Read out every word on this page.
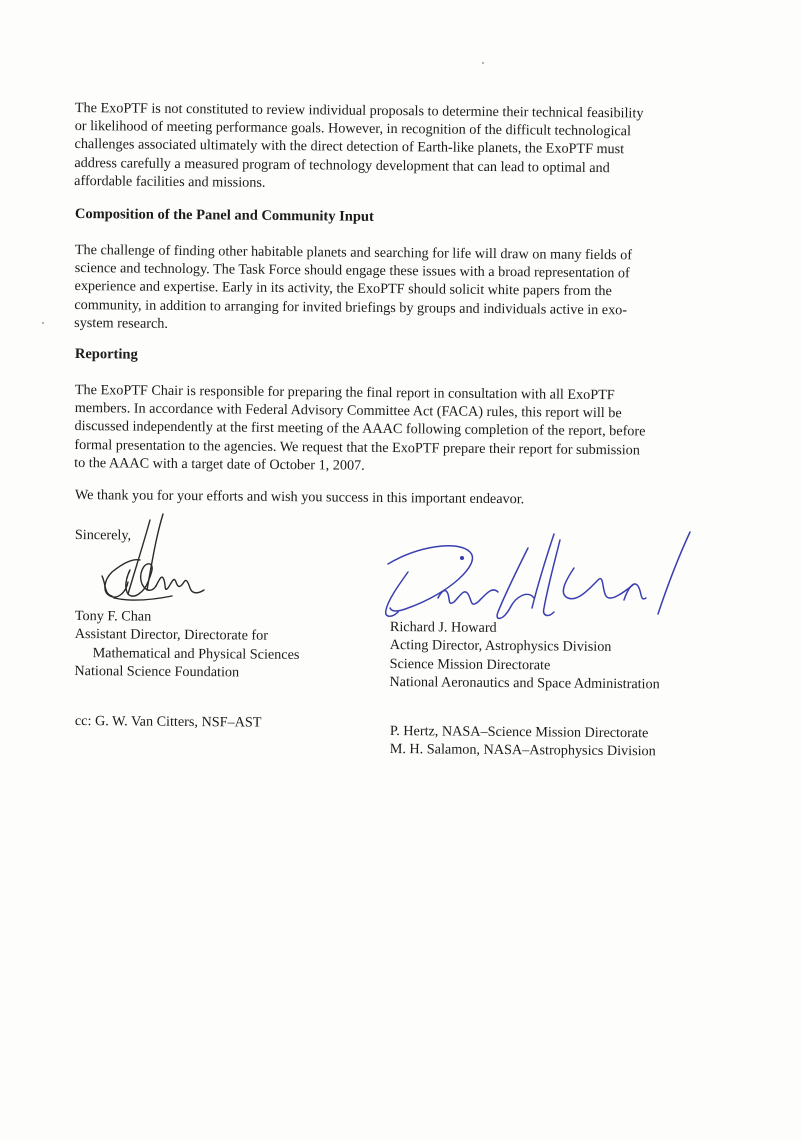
The ExoPTF is not constituted to review individual proposals to determine their technical feasibility
or likelihood of meeting performance goals. However, in recognition of the difficult technological
challenges associated ultimately with the direct detection of Earth-like planets, the ExoPTF must
address carefully a measured program of technology development that can lead to optimal and
affordable facilities and missions.

Composition of the Panel and Community Input

The challenge of finding other habitable planets and searching for life will draw on many fields of
science and technology. The Task Force should engage these issues with a broad representation of
experience and expertise. Early in its activity, the ExoPTF should solicit white papers from the
community, in addition to arranging for invited briefings by groups and individuals active in exo-
system research.

Reporting

The ExoPTF Chair is responsible for preparing the final report in consultation with all ExoPTF
members. In accordance with Federal Advisory Committee Act (FACA) rules, this report will be
discussed independently at the first meeting of the AAAC following completion of the report, before
formal presentation to the agencies. We request that the ExoPTF prepare their report for submission
to the AAAC with a target date of October 1, 2007.

We thank you for your efforts and wish you success in this important endeavor.

Sincerely,
Tony F. Chan
Assistant Director, Directorate for
Mathematical and Physical Sciences
National Science Foundation
Richard J. Howard
Acting Director, Astrophysics Division
Science Mission Directorate
National Aeronautics and Space Administration
cc: G. W. Van Citters, NSF–AST
P. Hertz, NASA–Science Mission Directorate
M. H. Salamon, NASA–Astrophysics Division
